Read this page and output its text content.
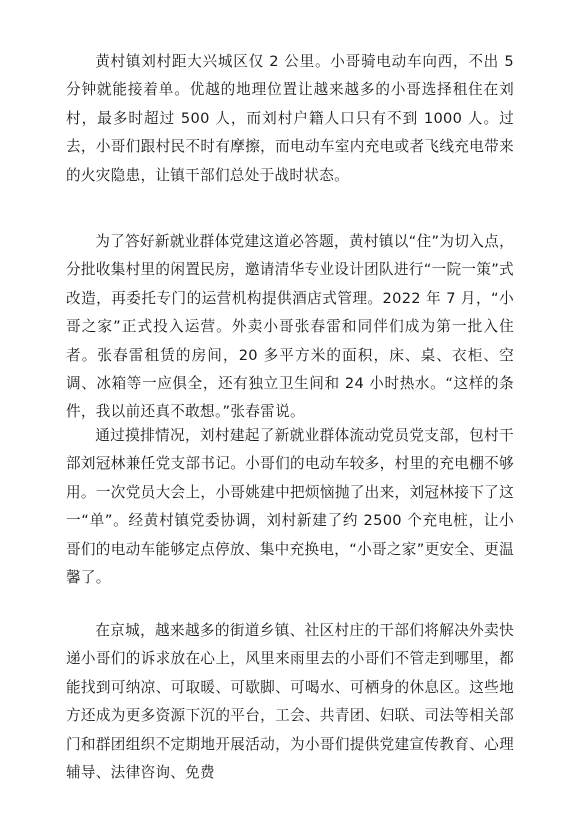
黄村镇刘村距大兴城区仅 2 公里。小哥骑电动车向西，不出 5 分钟就能接着单。优越的地理位置让越来越多的小哥选择租住在刘村，最多时超过 500 人，而刘村户籍人口只有不到 1000 人。过去，小哥们跟村民不时有摩擦，而电动车室内充电或者飞线充电带来的火灾隐患，让镇干部们总处于战时状态。

为了答好新就业群体党建这道必答题，黄村镇以“住”为切入点，分批收集村里的闲置民房，邀请清华专业设计团队进行“一院一策”式改造，再委托专门的运营机构提供酒店式管理。2022 年 7 月，“小哥之家”正式投入运营。外卖小哥张春雷和同伴们成为第一批入住者。张春雷租赁的房间，20 多平方米的面积，床、桌、衣柜、空调、冰箱等一应俱全，还有独立卫生间和 24 小时热水。“这样的条件，我以前还真不敢想。”张春雷说。

通过摸排情况，刘村建起了新就业群体流动党员党支部，包村干部刘冠林兼任党支部书记。小哥们的电动车较多，村里的充电棚不够用。一次党员大会上，小哥姚建中把烦恼抛了出来，刘冠林接下了这一“单”。经黄村镇党委协调，刘村新建了约 2500 个充电桩，让小哥们的电动车能够定点停放、集中充换电，“小哥之家”更安全、更温馨了。

在京城，越来越多的街道乡镇、社区村庄的干部们将解决外卖快递小哥们的诉求放在心上，风里来雨里去的小哥们不管走到哪里，都能找到可纳凉、可取暖、可歇脚、可喝水、可栖身的休息区。这些地方还成为更多资源下沉的平台，工会、共青团、妇联、司法等相关部门和群团组织不定期地开展活动，为小哥们提供党建宣传教育、心理辅导、法律咨询、免费
